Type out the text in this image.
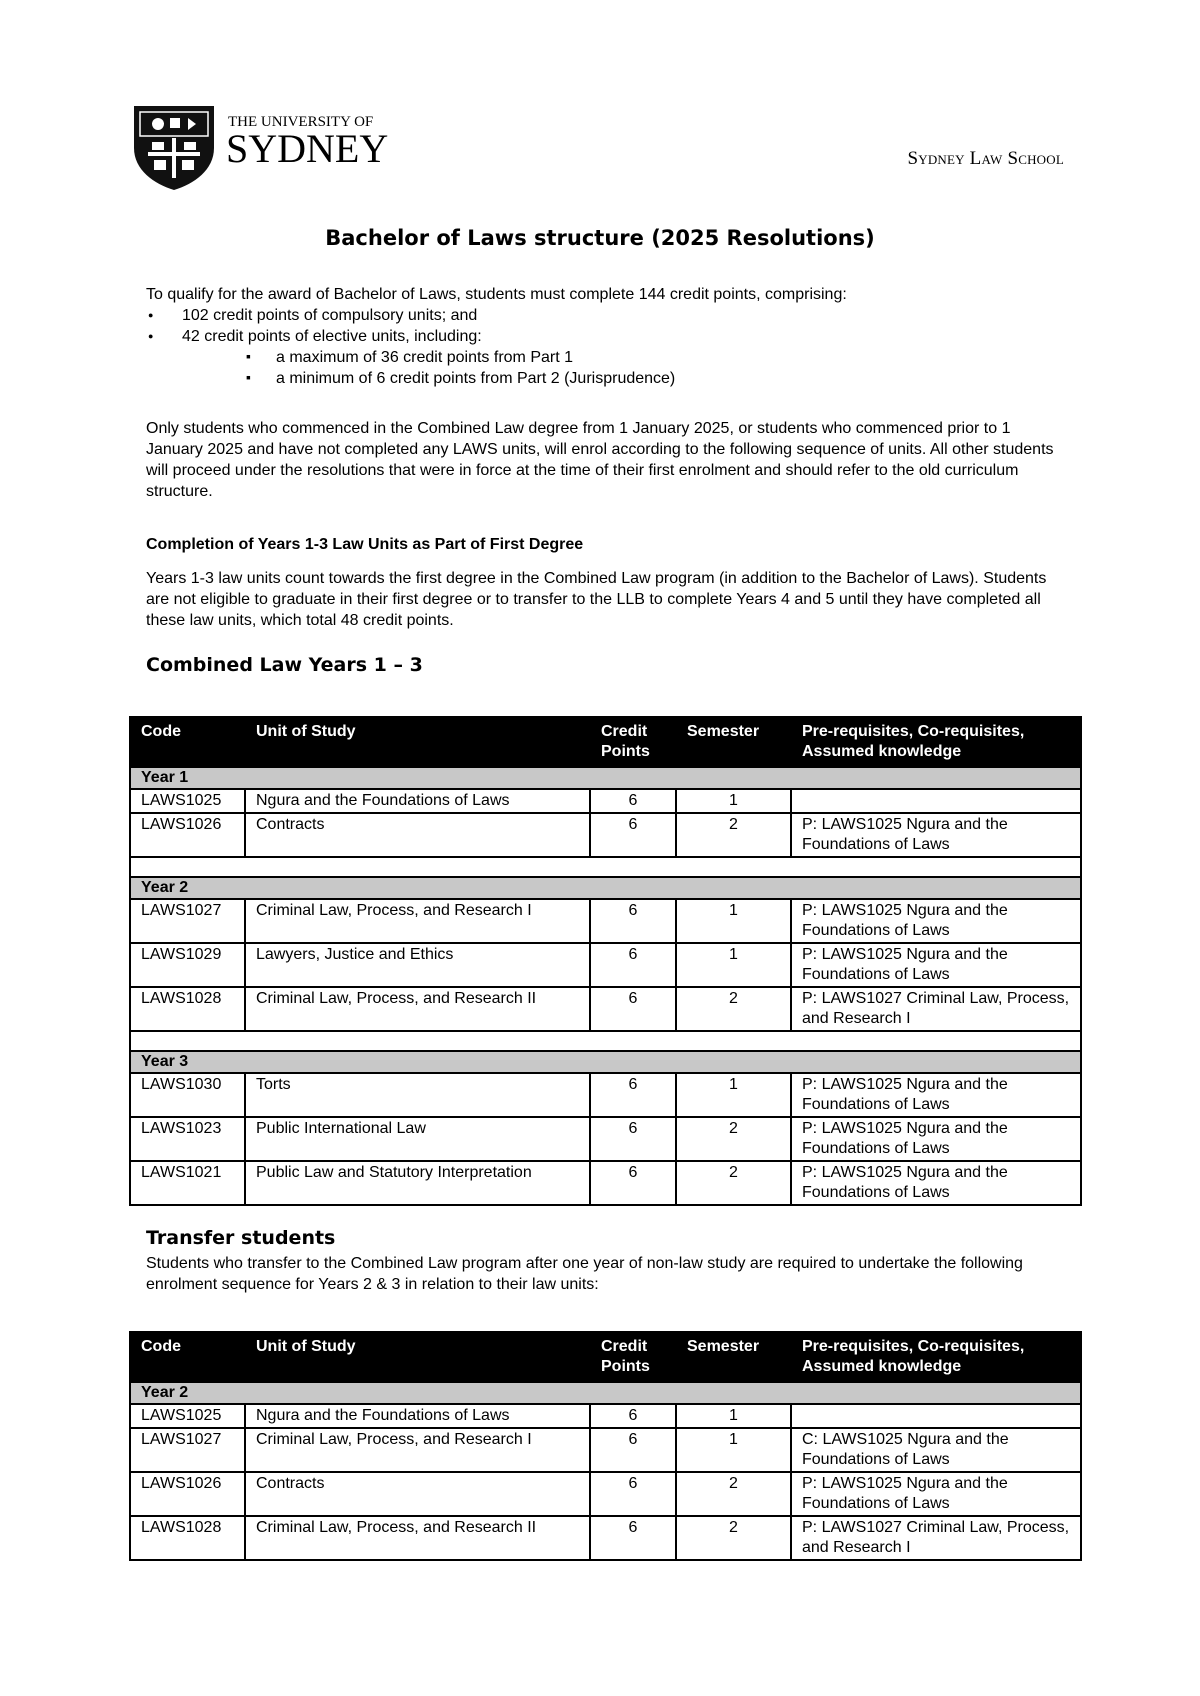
THE UNIVERSITY OF
SYDNEY	Sydney Law School
Bachelor of Laws structure (2025 Resolutions)
To qualify for the award of Bachelor of Laws, students must complete 144 credit points, comprising:
● 102 credit points of compulsory units; and
● 42 credit points of elective units, including:
▪ a maximum of 36 credit points from Part 1
▪ a minimum of 6 credit points from Part 2 (Jurisprudence)
Only students who commenced in the Combined Law degree from 1 January 2025, or students who commenced prior to 1 January 2025 and have not completed any LAWS units, will enrol according to the following sequence of units. All other students will proceed under the resolutions that were in force at the time of their first enrolment and should refer to the old curriculum structure.
Completion of Years 1-3 Law Units as Part of First Degree
Years 1-3 law units count towards the first degree in the Combined Law program (in addition to the Bachelor of Laws). Students are not eligible to graduate in their first degree or to transfer to the LLB to complete Years 4 and 5 until they have completed all these law units, which total 48 credit points.
Combined Law Years 1 – 3
Code	Unit of Study	Credit Points	Semester	Pre-requisites, Co-requisites, Assumed knowledge
Year 1				
LAWS1025	Ngura and the Foundations of Laws	6	1	
LAWS1026	Contracts	6	2	P: LAWS1025 Ngura and the Foundations of Laws

Year 2				
LAWS1027	Criminal Law, Process, and Research I	6	1	P: LAWS1025 Ngura and the Foundations of Laws
LAWS1029	Lawyers, Justice and Ethics	6	1	P: LAWS1025 Ngura and the Foundations of Laws
LAWS1028	Criminal Law, Process, and Research II	6	2	P: LAWS1027 Criminal Law, Process, and Research I

Year 3				
LAWS1030	Torts	6	1	P: LAWS1025 Ngura and the Foundations of Laws
LAWS1023	Public International Law	6	2	P: LAWS1025 Ngura and the Foundations of Laws
LAWS1021	Public Law and Statutory Interpretation	6	2	P: LAWS1025 Ngura and the Foundations of Laws
Transfer students
Students who transfer to the Combined Law program after one year of non-law study are required to undertake the following enrolment sequence for Years 2 & 3 in relation to their law units:
Code	Unit of Study	Credit Points	Semester	Pre-requisites, Co-requisites, Assumed knowledge
Year 2				
LAWS1025	Ngura and the Foundations of Laws	6	1	
LAWS1027	Criminal Law, Process, and Research I	6	1	C: LAWS1025 Ngura and the Foundations of Laws
LAWS1026	Contracts	6	2	P: LAWS1025 Ngura and the Foundations of Laws
LAWS1028	Criminal Law, Process, and Research II	6	2	P: LAWS1027 Criminal Law, Process, and Research I
